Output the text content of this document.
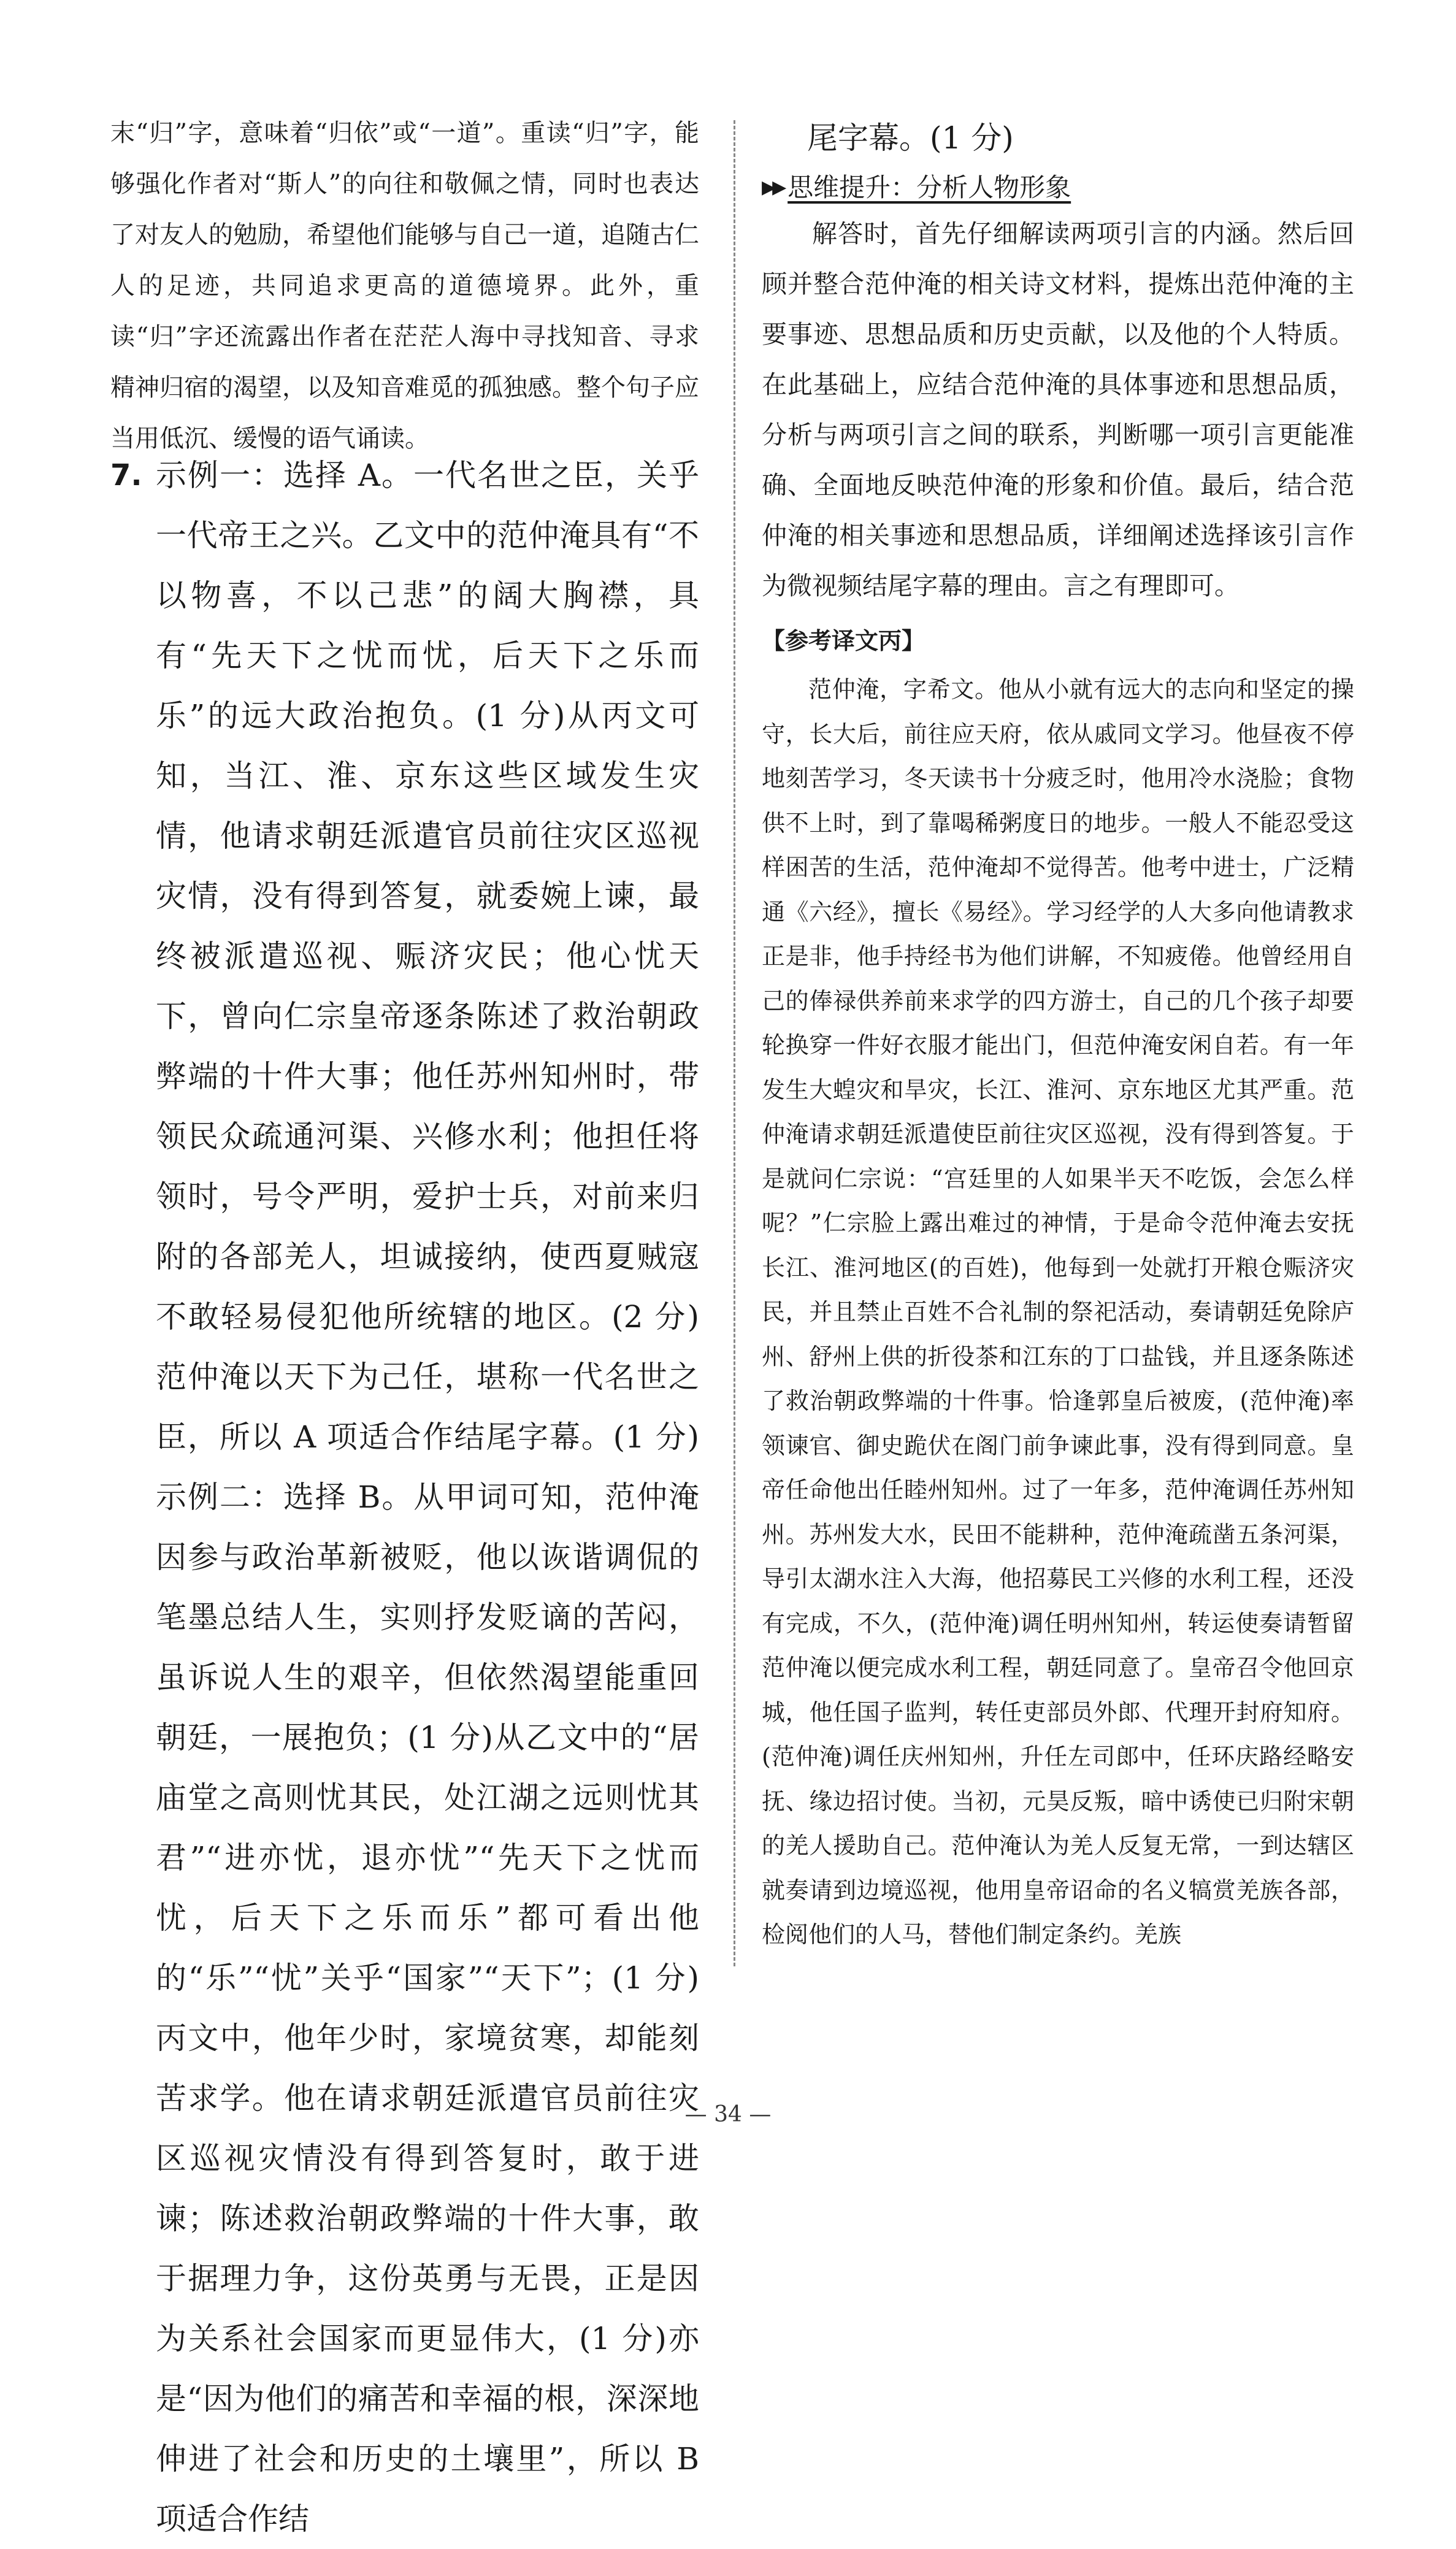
末“归”字，意味着“归依”或“一道”。重读“归”字，能够强化作者对“斯人”的向往和敬佩之情，同时也表达了对友人的勉励，希望他们能够与自己一道，追随古仁人的足迹，共同追求更高的道德境界。此外，重读“归”字还流露出作者在茫茫人海中寻找知音、寻求精神归宿的渴望，以及知音难觅的孤独感。整个句子应当用低沉、缓慢的语气诵读。

7. 示例一：选择 A。一代名世之臣，关乎一代帝王之兴。乙文中的范仲淹具有“不以物喜，不以己悲”的阔大胸襟，具有“先天下之忧而忧，后天下之乐而乐”的远大政治抱负。(1 分)从丙文可知，当江、淮、京东这些区域发生灾情，他请求朝廷派遣官员前往灾区巡视灾情，没有得到答复，就委婉上谏，最终被派遣巡视、赈济灾民；他心忧天下，曾向仁宗皇帝逐条陈述了救治朝政弊端的十件大事；他任苏州知州时，带领民众疏通河渠、兴修水利；他担任将领时，号令严明，爱护士兵，对前来归附的各部羌人，坦诚接纳，使西夏贼寇不敢轻易侵犯他所统辖的地区。(2 分)范仲淹以天下为己任，堪称一代名世之臣，所以 A 项适合作结尾字幕。(1 分)　示例二：选择 B。从甲词可知，范仲淹因参与政治革新被贬，他以诙谐调侃的笔墨总结人生，实则抒发贬谪的苦闷，虽诉说人生的艰辛，但依然渴望能重回朝廷，一展抱负；(1 分)从乙文中的“居庙堂之高则忧其民，处江湖之远则忧其君”“进亦忧，退亦忧”“先天下之忧而忧，后天下之乐而乐”都可看出他的“乐”“忧”关乎“国家”“天下”；(1 分)丙文中，他年少时，家境贫寒，却能刻苦求学。他在请求朝廷派遣官员前往灾区巡视灾情没有得到答复时，敢于进谏；陈述救治朝政弊端的十件大事，敢于据理力争，这份英勇与无畏，正是因为关系社会国家而更显伟大，(1 分)亦是“因为他们的痛苦和幸福的根，深深地伸进了社会和历史的土壤里”，所以 B 项适合作结

尾字幕。(1 分)

▶▶ 思维提升：分析人物形象

解答时，首先仔细解读两项引言的内涵。然后回顾并整合范仲淹的相关诗文材料，提炼出范仲淹的主要事迹、思想品质和历史贡献，以及他的个人特质。在此基础上，应结合范仲淹的具体事迹和思想品质，分析与两项引言之间的联系，判断哪一项引言更能准确、全面地反映范仲淹的形象和价值。最后，结合范仲淹的相关事迹和思想品质，详细阐述选择该引言作为微视频结尾字幕的理由。言之有理即可。

【参考译文丙】

范仲淹，字希文。他从小就有远大的志向和坚定的操守，长大后，前往应天府，依从戚同文学习。他昼夜不停地刻苦学习，冬天读书十分疲乏时，他用冷水浇脸；食物供不上时，到了靠喝稀粥度日的地步。一般人不能忍受这样困苦的生活，范仲淹却不觉得苦。他考中进士，广泛精通《六经》，擅长《易经》。学习经学的人大多向他请教求正是非，他手持经书为他们讲解，不知疲倦。他曾经用自己的俸禄供养前来求学的四方游士，自己的几个孩子却要轮换穿一件好衣服才能出门，但范仲淹安闲自若。有一年发生大蝗灾和旱灾，长江、淮河、京东地区尤其严重。范仲淹请求朝廷派遣使臣前往灾区巡视，没有得到答复。于是就问仁宗说：“宫廷里的人如果半天不吃饭，会怎么样呢？”仁宗脸上露出难过的神情，于是命令范仲淹去安抚长江、淮河地区(的百姓)，他每到一处就打开粮仓赈济灾民，并且禁止百姓不合礼制的祭祀活动，奏请朝廷免除庐州、舒州上供的折役茶和江东的丁口盐钱，并且逐条陈述了救治朝政弊端的十件事。恰逢郭皇后被废，(范仲淹)率领谏官、御史跪伏在阁门前争谏此事，没有得到同意。皇帝任命他出任睦州知州。过了一年多，范仲淹调任苏州知州。苏州发大水，民田不能耕种，范仲淹疏凿五条河渠，导引太湖水注入大海，他招募民工兴修的水利工程，还没有完成，不久，(范仲淹)调任明州知州，转运使奏请暂留范仲淹以便完成水利工程，朝廷同意了。皇帝召令他回京城，他任国子监判，转任吏部员外郎、代理开封府知府。(范仲淹)调任庆州知州，升任左司郎中，任环庆路经略安抚、缘边招讨使。当初，元昊反叛，暗中诱使已归附宋朝的羌人援助自己。范仲淹认为羌人反复无常，一到达辖区就奏请到边境巡视，他用皇帝诏命的名义犒赏羌族各部，检阅他们的人马，替他们制定条约。羌族

— 34 —
